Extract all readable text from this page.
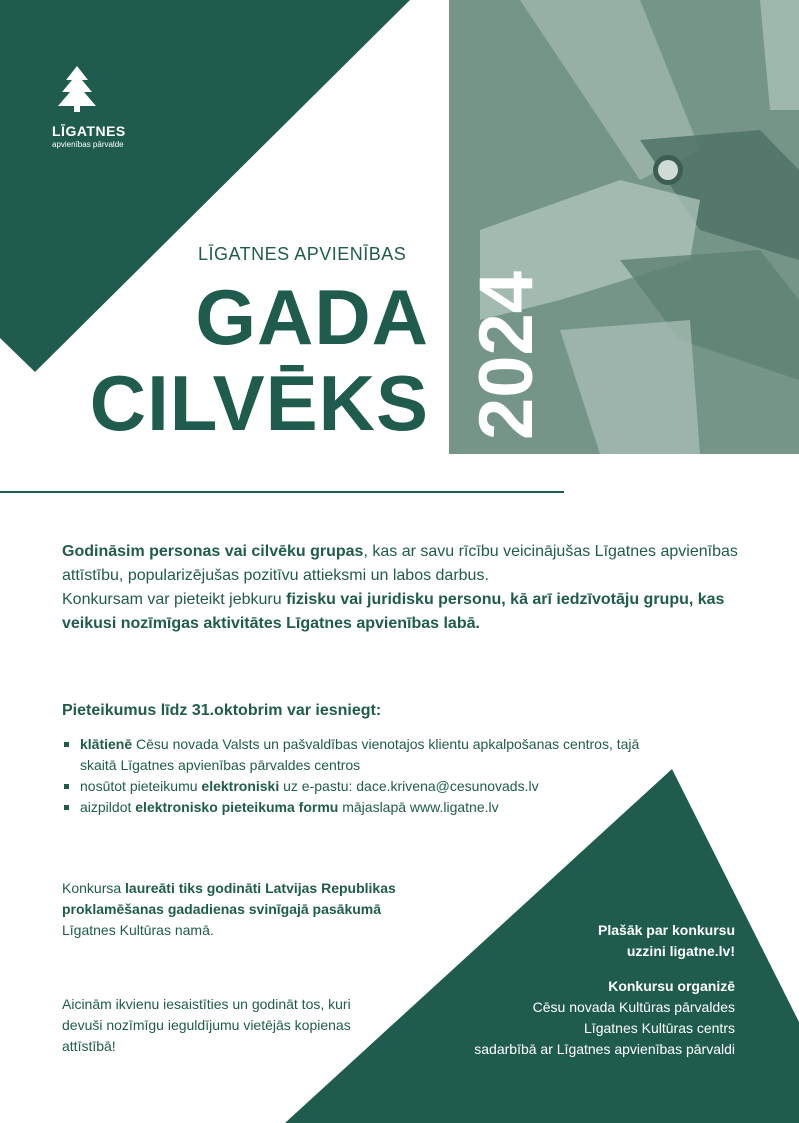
LĪGATNES
apvienības pārvalde
LĪGATNES APVIENĪBAS
GADA
CILVĒKS 2024
Godināsim personas vai cilvēku grupas, kas ar savu rīcību veicinājušas Līgatnes apvienības attīstību, popularizējušas pozitīvu attieksmi un labos darbus.
Konkursam var pieteikt jebkuru fizisku vai juridisku personu, kā arī iedzīvotāju grupu, kas veikusi nozīmīgas aktivitātes Līgatnes apvienības labā.
Pieteikumus līdz 31.oktobrim var iesniegt:
klātienē Cēsu novada Valsts un pašvaldības vienotajos klientu apkalpošanas centros, tajā skaitā Līgatnes apvienības pārvaldes centros
nosūtot pieteikumu elektroniski uz e-pastu: dace.krivena@cesunovads.lv
aizpildot elektronisko pieteikuma formu mājaslapā www.ligatne.lv
Konkursa laureāti tiks godināti Latvijas Republikas proklamēšanas gadadienas svinīgajā pasākumā
Līgatnes Kultūras namā.
Aicinām ikvienu iesaistīties un godināt tos, kuri devuši nozīmīgu ieguldījumu vietējās kopienas attīstībā!
Plašāk par konkursu
uzzini ligatne.lv!
Konkursu organizē
Cēsu novada Kultūras pārvaldes
Līgatnes Kultūras centrs
sadarbībā ar Līgatnes apvienības pārvaldi
